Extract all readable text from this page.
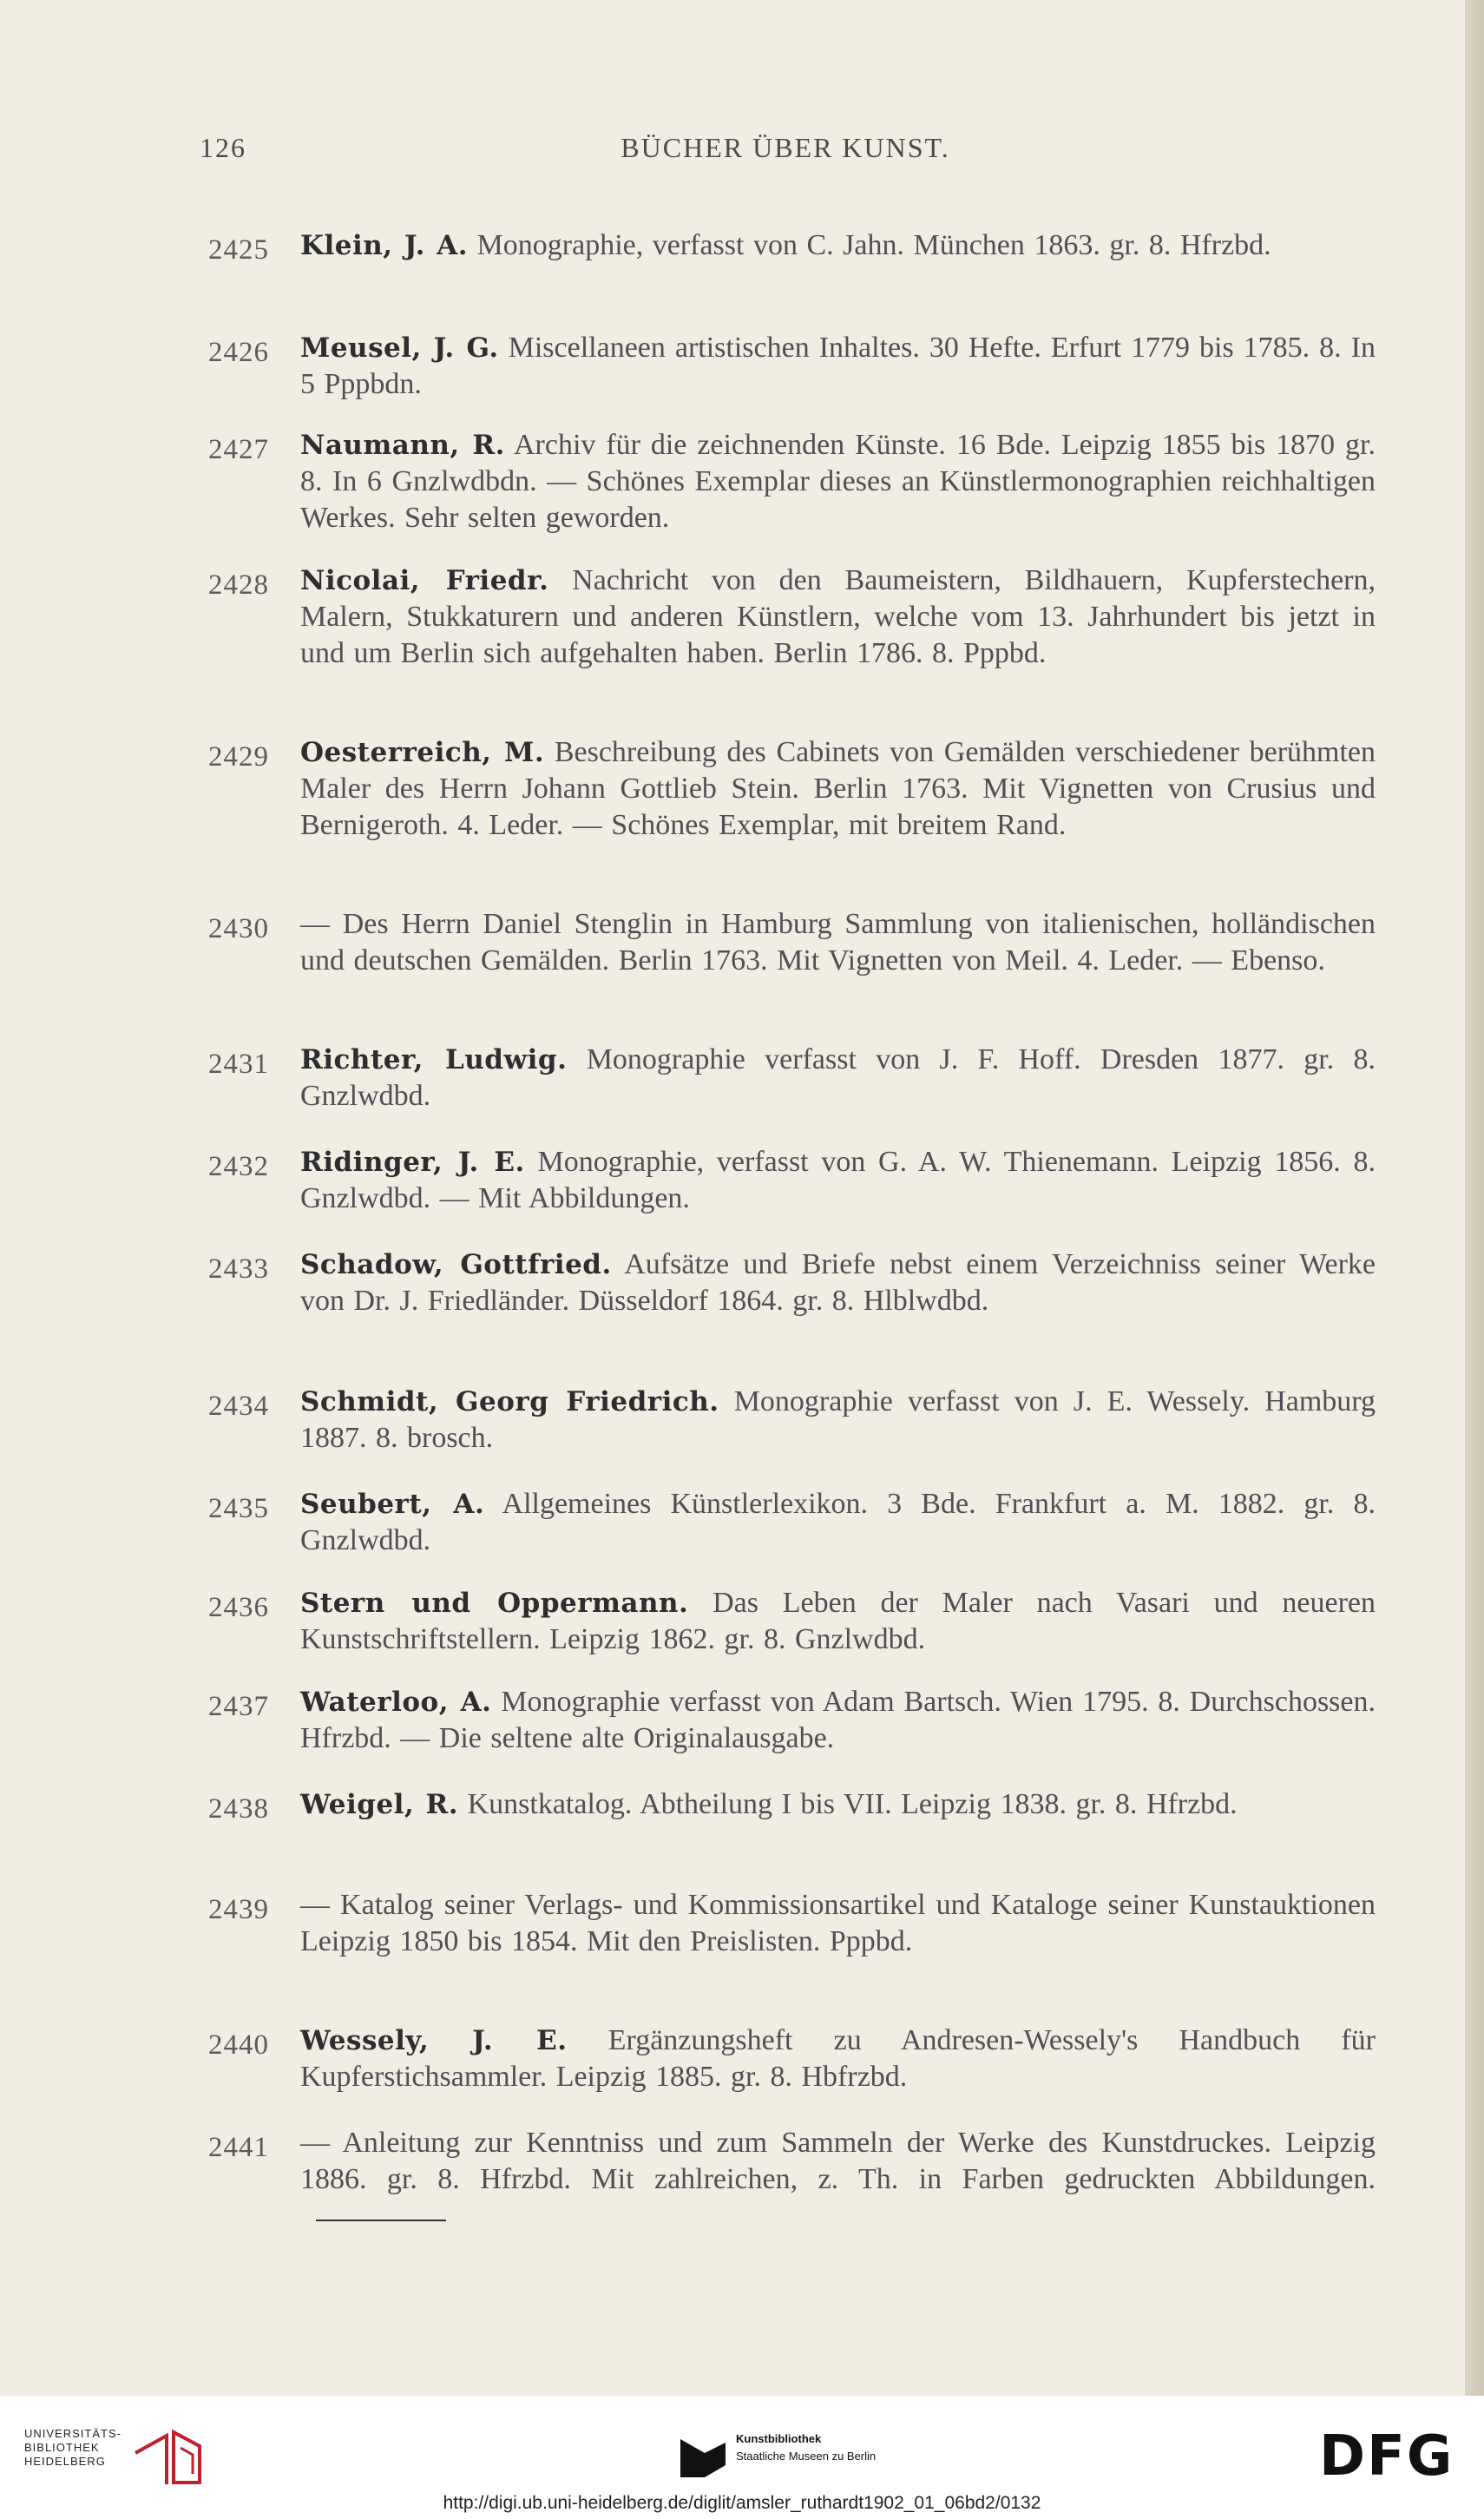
126	BÜCHER ÜBER KUNST.
2425	Klein, J. A. Monographie, verfasst von C. Jahn. München 1863. gr. 8. Hfrzbd.
2426	Meusel, J. G. Miscellaneen artistischen Inhaltes. 30 Hefte. Erfurt 1779 bis 1785. 8. In 5 Pppbdn.
2427	Naumann, R. Archiv für die zeichnenden Künste. 16 Bde. Leipzig 1855 bis 1870 gr. 8. In 6 Gnzlwdbdn. — Schönes Exemplar dieses an Künstlermonographien reichhaltigen Werkes. Sehr selten geworden.
2428	Nicolai, Friedr. Nachricht von den Baumeistern, Bildhauern, Kupferstechern, Malern, Stukkaturern und anderen Künstlern, welche vom 13. Jahrhundert bis jetzt in und um Berlin sich aufgehalten haben. Berlin 1786. 8. Pppbd.
2429	Oesterreich, M. Beschreibung des Cabinets von Gemälden verschiedener berühmten Maler des Herrn Johann Gottlieb Stein. Berlin 1763. Mit Vignetten von Crusius und Bernigeroth. 4. Leder. — Schönes Exemplar, mit breitem Rand.
2430	— Des Herrn Daniel Stenglin in Hamburg Sammlung von italienischen, holländischen und deutschen Gemälden. Berlin 1763. Mit Vignetten von Meil. 4. Leder. — Ebenso.
2431	Richter, Ludwig. Monographie verfasst von J. F. Hoff. Dresden 1877. gr. 8. Gnzlwdbd.
2432	Ridinger, J. E. Monographie, verfasst von G. A. W. Thienemann. Leipzig 1856. 8. Gnzlwdbd. — Mit Abbildungen.
2433	Schadow, Gottfried. Aufsätze und Briefe nebst einem Verzeichniss seiner Werke von Dr. J. Friedländer. Düsseldorf 1864. gr. 8. Hlblwdbd.
2434	Schmidt, Georg Friedrich. Monographie verfasst von J. E. Wessely. Hamburg 1887. 8. brosch.
2435	Seubert, A. Allgemeines Künstlerlexikon. 3 Bde. Frankfurt a. M. 1882. gr. 8. Gnzlwdbd.
2436	Stern und Oppermann. Das Leben der Maler nach Vasari und neueren Kunstschriftstellern. Leipzig 1862. gr. 8. Gnzlwdbd.
2437	Waterloo, A. Monographie verfasst von Adam Bartsch. Wien 1795. 8. Durchschossen. Hfrzbd. — Die seltene alte Originalausgabe.
2438	Weigel, R. Kunstkatalog. Abtheilung I bis VII. Leipzig 1838. gr. 8. Hfrzbd.
2439	— Katalog seiner Verlags- und Kommissionsartikel und Kataloge seiner Kunstauktionen Leipzig 1850 bis 1854. Mit den Preislisten. Pppbd.
2440	Wessely, J. E. Ergänzungsheft zu Andresen-Wessely's Handbuch für Kupferstichsammler. Leipzig 1885. gr. 8. Hbfrzbd.
2441	— Anleitung zur Kenntniss und zum Sammeln der Werke des Kunstdruckes. Leipzig 1886. gr. 8. Hfrzbd. Mit zahlreichen, z. Th. in Farben gedruckten Abbildungen.
UNIVERSITÄTS-
BIBLIOTHEK
HEIDELBERG
Kunstbibliothek
Staatliche Museen zu Berlin	DFG
http://digi.ub.uni-heidelberg.de/diglit/amsler_ruthardt1902_01_06bd2/0132
